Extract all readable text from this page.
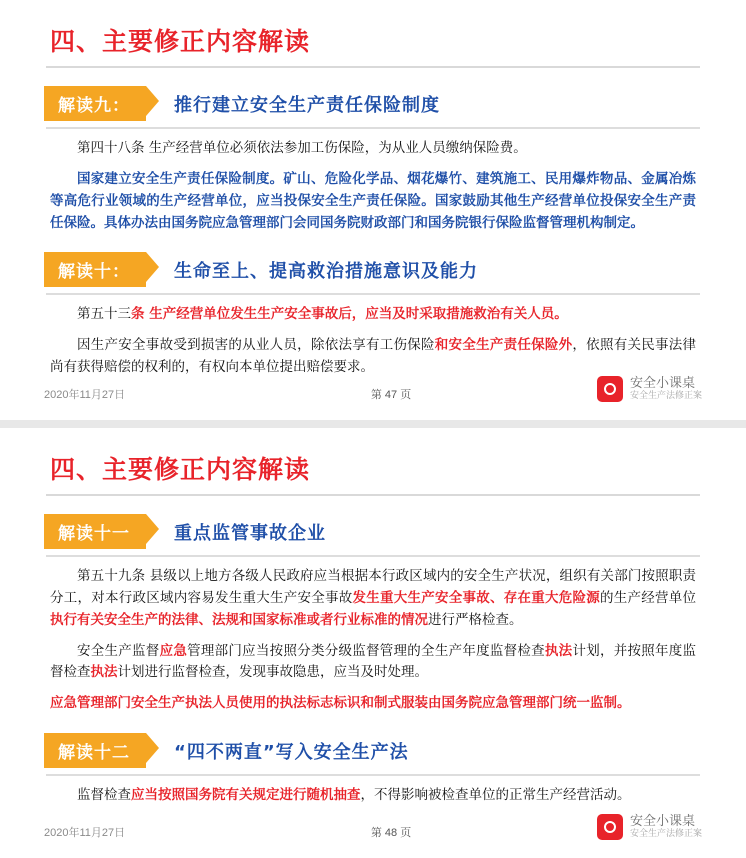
四、主要修正内容解读
解读九：	推行建立安全生产责任保险制度
第四十八条 生产经营单位必须依法参加工伤保险，为从业人员缴纳保险费。
国家建立安全生产责任保险制度。矿山、危险化学品、烟花爆竹、建筑施工、民用爆炸物品、金属冶炼等高危行业领域的生产经营单位，应当投保安全生产责任保险。国家鼓励其他生产经营单位投保安全生产责任保险。具体办法由国务院应急管理部门会同国务院财政部门和国务院银行保险监督管理机构制定。
解读十：	生命至上、提高救治措施意识及能力
第五十三条 生产经营单位发生生产安全事故后，应当及时采取措施救治有关人员。
因生产安全事故受到损害的从业人员，除依法享有工伤保险和安全生产责任保险外，依照有关民事法律尚有获得赔偿的权利的，有权向本单位提出赔偿要求。
2020年11月27日	第 47 页
安全小课桌
安全生产法修正案
四、主要修正内容解读
解读十一	重点监管事故企业
第五十九条 县级以上地方各级人民政府应当根据本行政区域内的安全生产状况，组织有关部门按照职责分工，对本行政区域内容易发生重大生产安全事故发生重大生产安全事故、存在重大危险源的生产经营单位执行有关安全生产的法律、法规和国家标准或者行业标准的情况进行严格检查。
安全生产监督应急管理部门应当按照分类分级监督管理的全生产年度监督检查执法计划，并按照年度监督检查执法计划进行监督检查，发现事故隐患，应当及时处理。
应急管理部门安全生产执法人员使用的执法标志标识和制式服装由国务院应急管理部门统一监制。
解读十二	“四不两直”写入安全生产法
监督检查应当按照国务院有关规定进行随机抽查，不得影响被检查单位的正常生产经营活动。
2020年11月27日	第 48 页
安全小课桌
安全生产法修正案
